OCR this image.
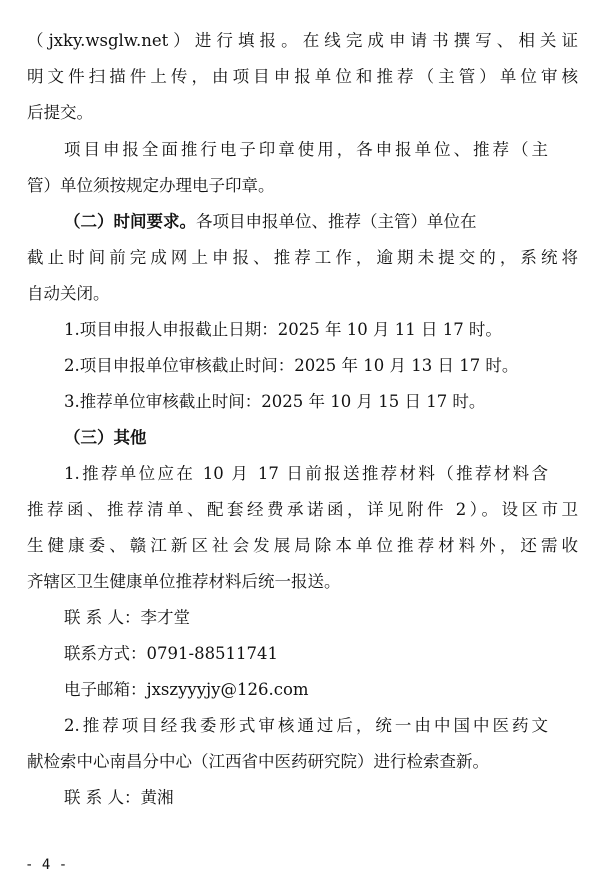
（jxky.wsglw.net）进行填报。在线完成申请书撰写、相关证
明文件扫描件上传，由项目申报单位和推荐（主管）单位审核
后提交。
项目申报全面推行电子印章使用，各申报单位、推荐（主
管）单位须按规定办理电子印章。
（二）时间要求。各项目申报单位、推荐（主管）单位在
截止时间前完成网上申报、推荐工作，逾期未提交的，系统将
自动关闭。
1.项目申报人申报截止日期：2025 年 10 月 11 日 17 时。
2.项目申报单位审核截止时间：2025 年 10 月 13 日 17 时。
3.推荐单位审核截止时间：2025 年 10 月 15 日 17 时。
（三）其他
1.推荐单位应在 10 月 17 日前报送推荐材料（推荐材料含
推荐函、推荐清单、配套经费承诺函，详见附件 2）。设区市卫
生健康委、赣江新区社会发展局除本单位推荐材料外，还需收
齐辖区卫生健康单位推荐材料后统一报送。
联 系 人：李才堂
联系方式：0791-88511741
电子邮箱：jxszyyyjy@126.com
2.推荐项目经我委形式审核通过后，统一由中国中医药文
献检索中心南昌分中心（江西省中医药研究院）进行检索查新。
联 系 人：黄湘
- 4 -
